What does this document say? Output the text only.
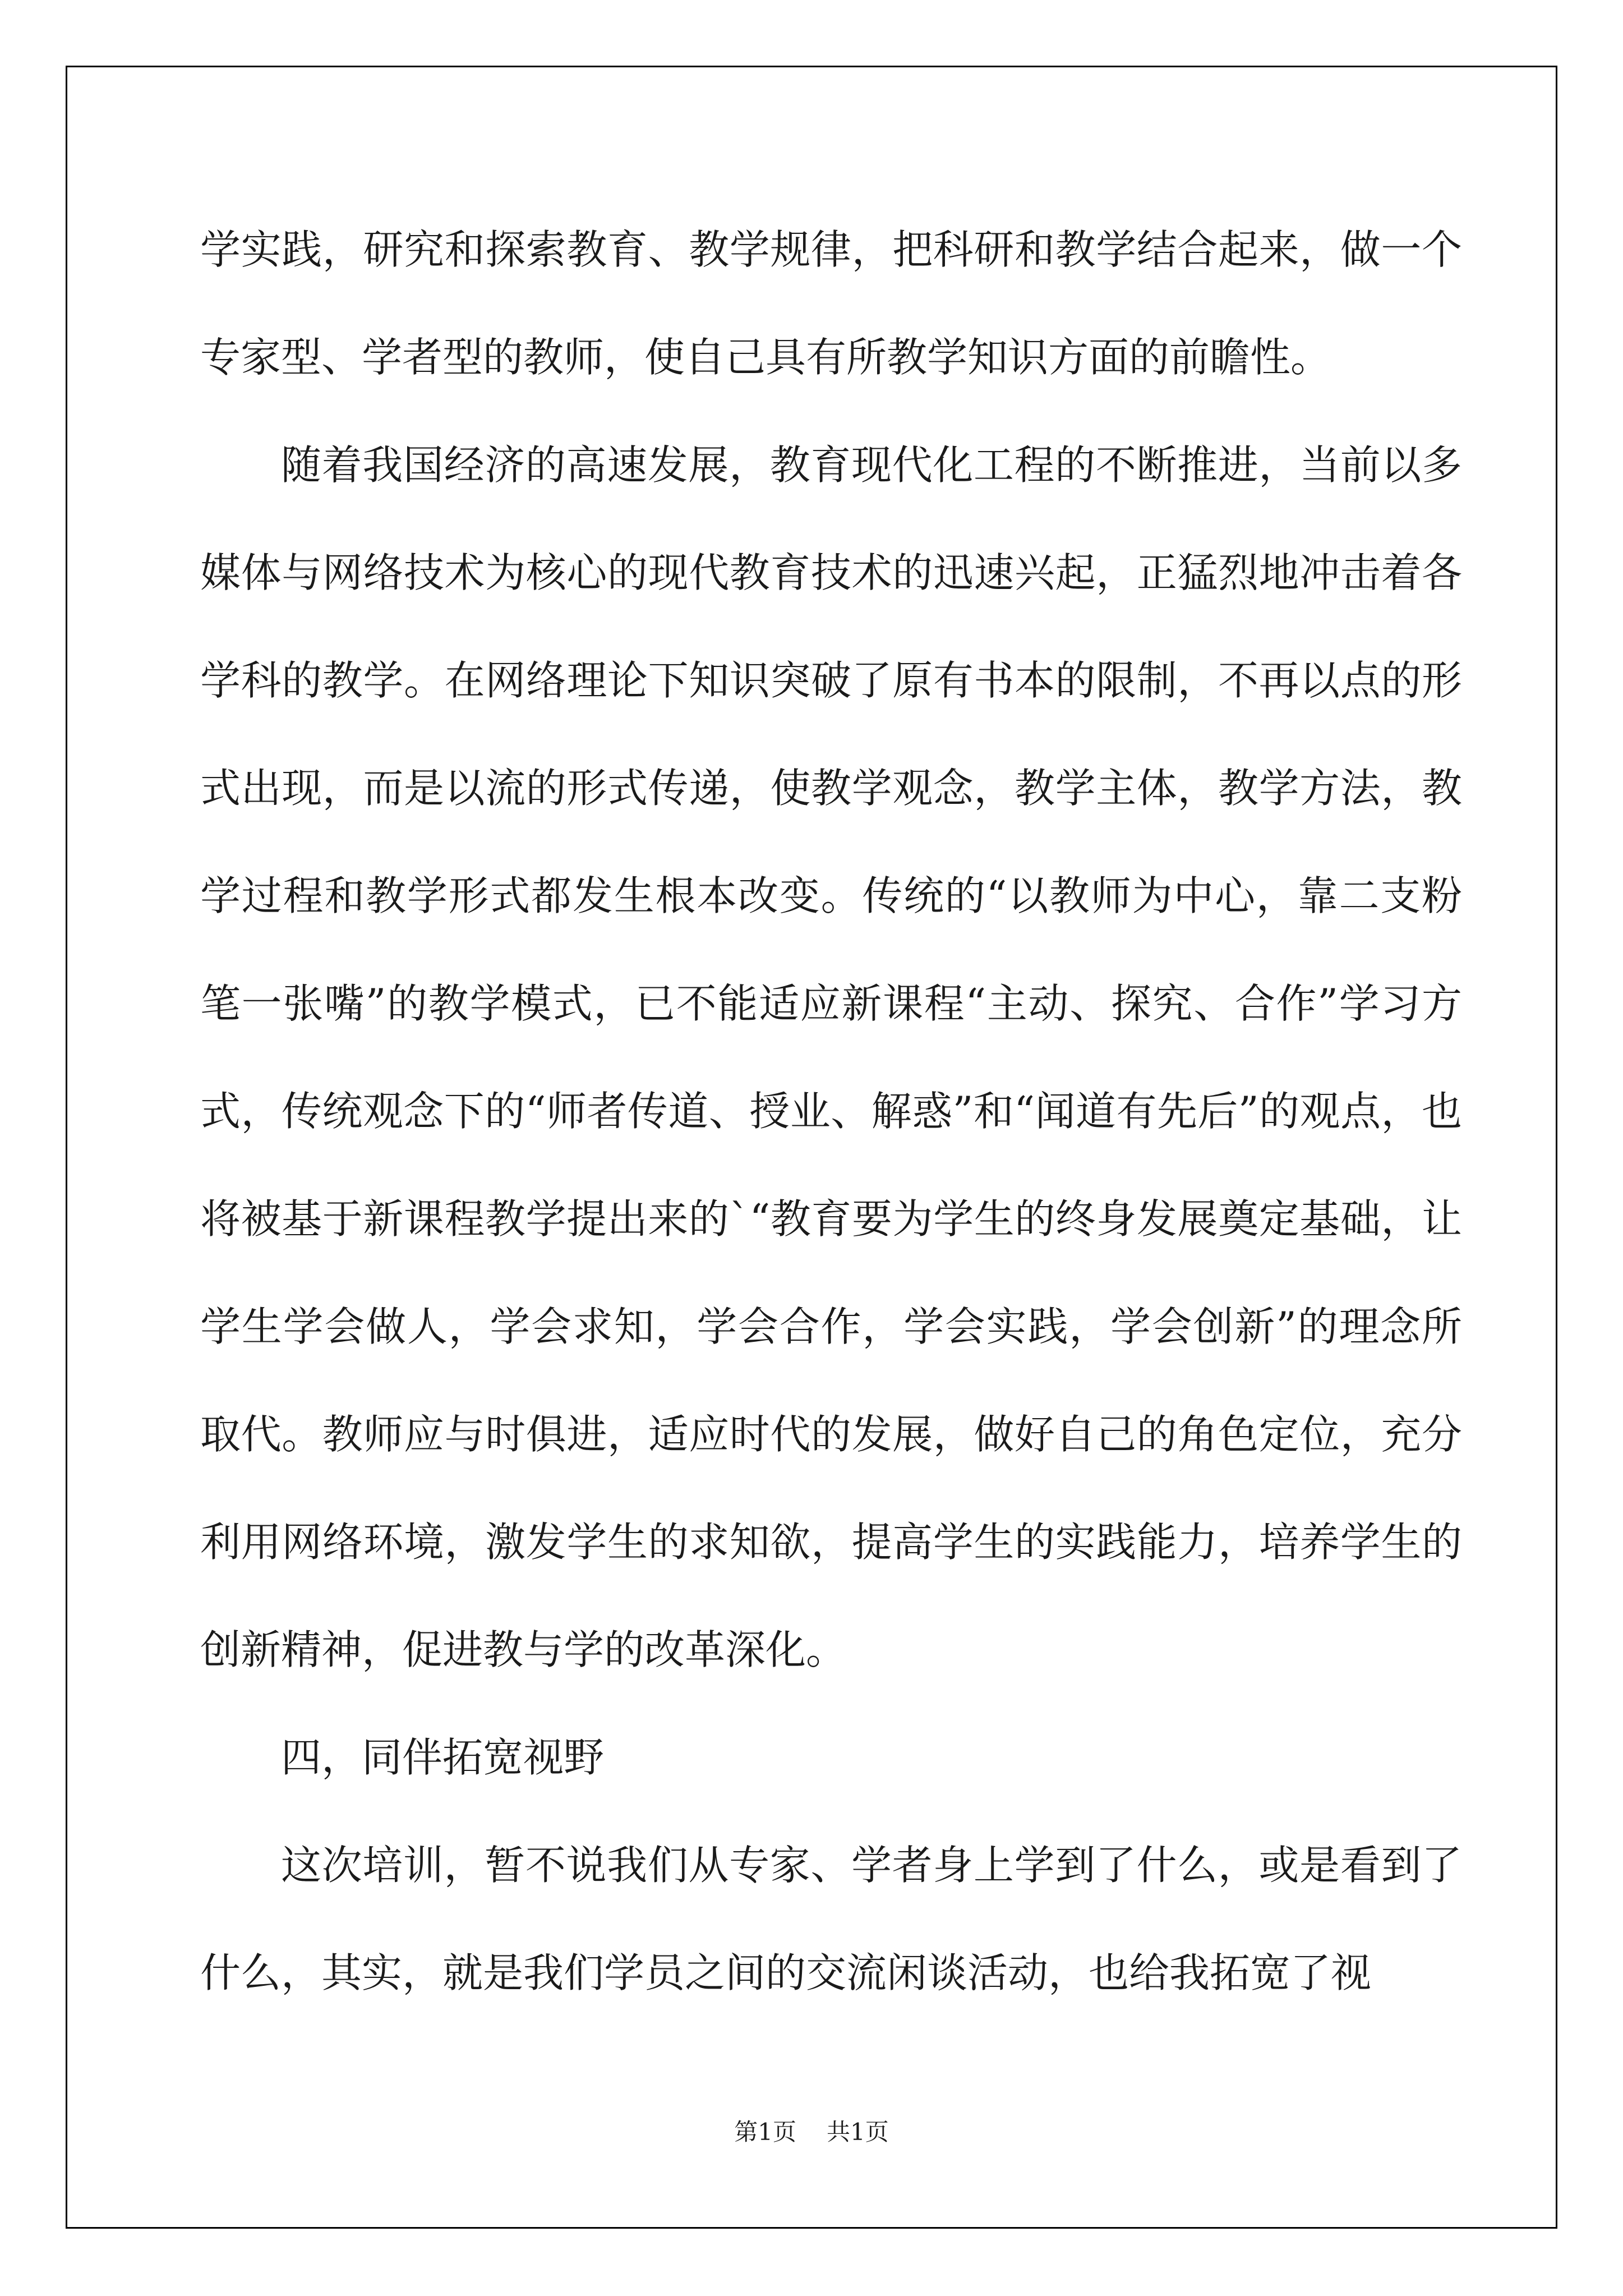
学实践，研究和探索教育、教学规律，把科研和教学结合起来，做一个专家型、学者型的教师，使自己具有所教学知识方面的前瞻性。

随着我国经济的高速发展，教育现代化工程的不断推进，当前以多媒体与网络技术为核心的现代教育技术的迅速兴起，正猛烈地冲击着各学科的教学。在网络理论下知识突破了原有书本的限制，不再以点的形式出现，而是以流的形式传递，使教学观念，教学主体，教学方法，教学过程和教学形式都发生根本改变。传统的“以教师为中心，靠二支粉笔一张嘴”的教学模式，已不能适应新课程“主动、探究、合作”学习方式，传统观念下的“师者传道、授业、解惑”和“闻道有先后”的观点，也将被基于新课程教学提出来的`“教育要为学生的终身发展奠定基础，让学生学会做人，学会求知，学会合作，学会实践，学会创新”的理念所取代。教师应与时俱进，适应时代的发展，做好自己的角色定位，充分利用网络环境，激发学生的求知欲，提高学生的实践能力，培养学生的创新精神，促进教与学的改革深化。

四，同伴拓宽视野

这次培训，暂不说我们从专家、学者身上学到了什么，或是看到了什么，其实，就是我们学员之间的交流闲谈活动，也给我拓宽了视

第1页 共1页
